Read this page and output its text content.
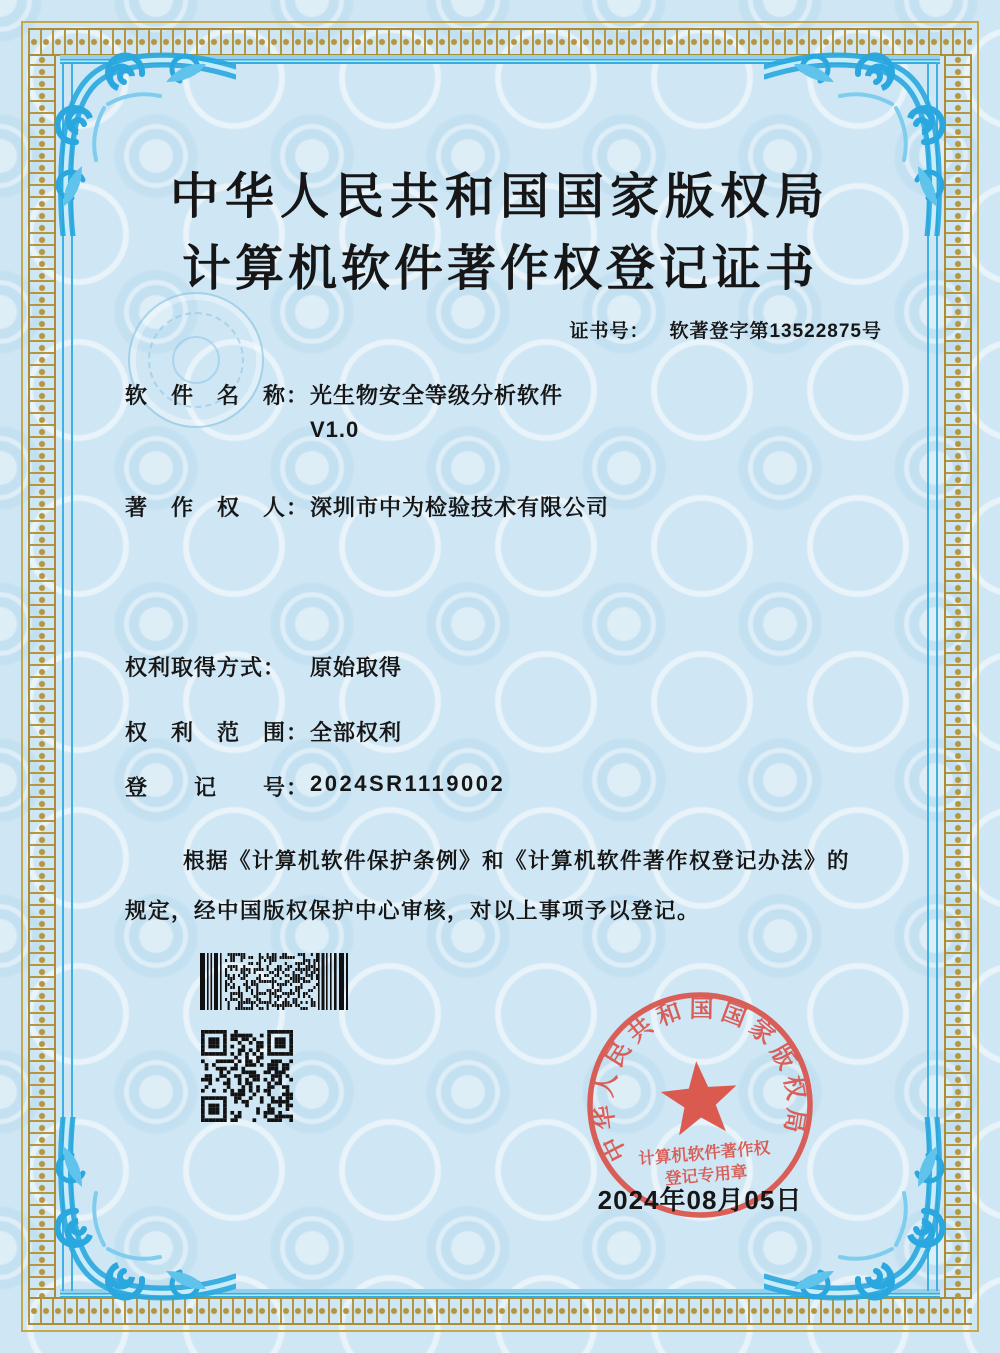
中华人民共和国国家版权局
计算机软件著作权登记证书
证书号： 软著登字第13522875号
软　件　名　称： 光生物安全等级分析软件
V1.0
著　作　权　人： 深圳市中为检验技术有限公司
权利取得方式： 原始取得
权　利　范　围： 全部权利
登　　记　　号： 2024SR1119002
根据《计算机软件保护条例》和《计算机软件著作权登记办法》的
规定，经中国版权保护中心审核，对以上事项予以登记。
中华人民共和国国家版权局
计算机软件著作权
登记专用章
2024年08月05日
